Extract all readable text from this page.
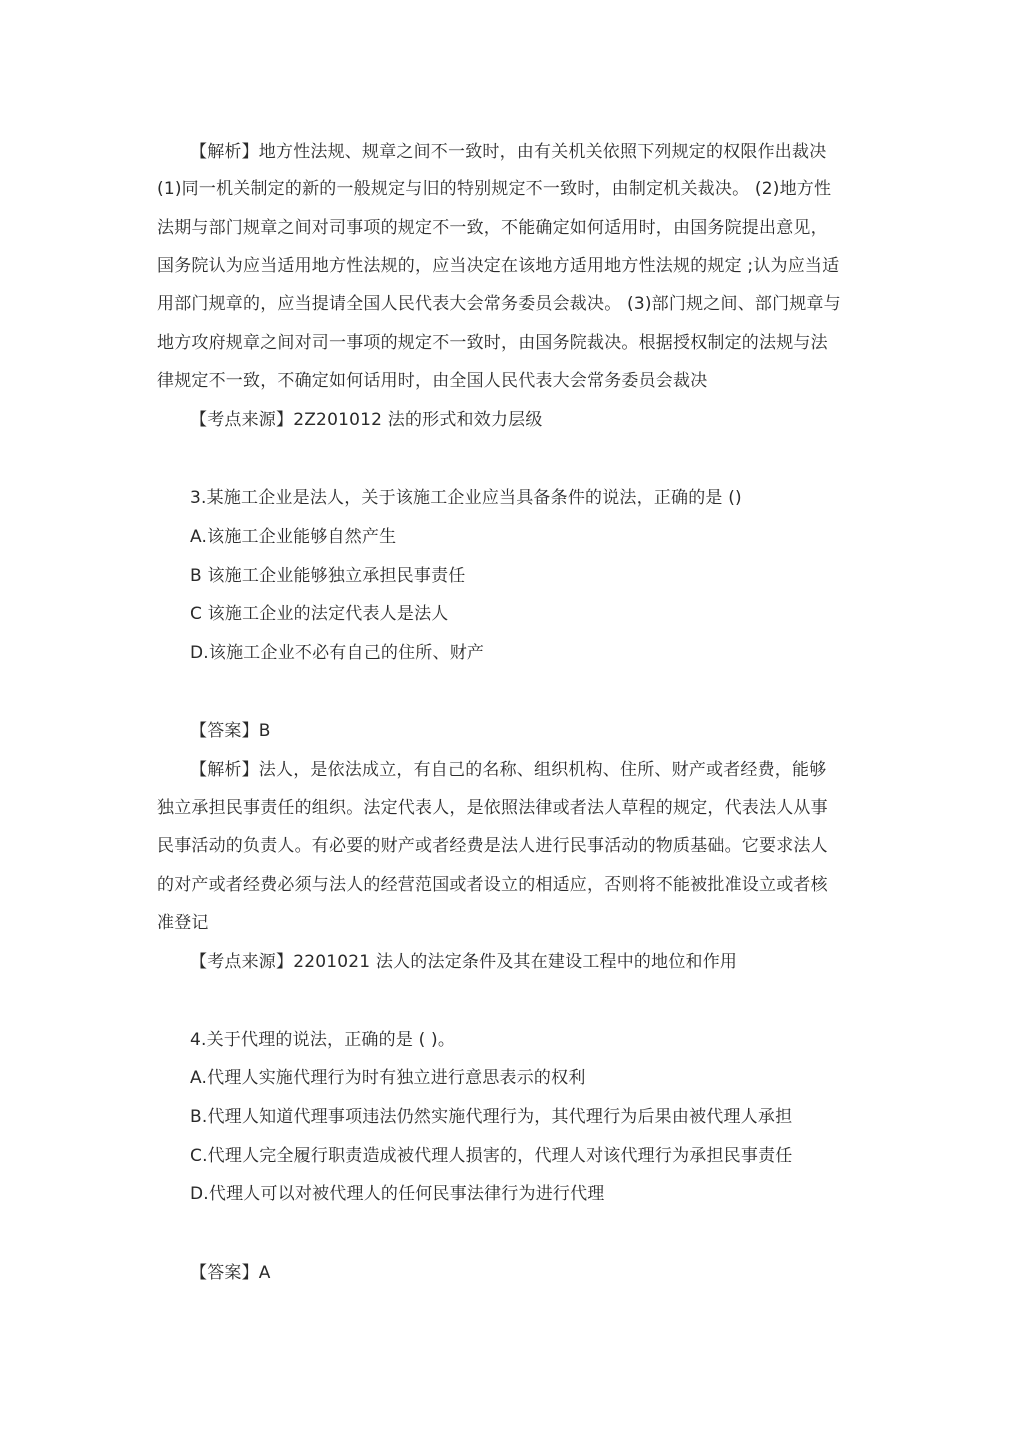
【解析】地方性法规、规章之间不一致时，由有关机关依照下列规定的权限作出裁决
(1)同一机关制定的新的一般规定与旧的特别规定不一致时，由制定机关裁决。 (2)地方性
法期与部门规章之间对司事项的规定不一致，不能确定如何适用时，由国务院提出意见，
国务院认为应当适用地方性法规的，应当决定在该地方适用地方性法规的规定 ;认为应当适
用部门规章的，应当提请全国人民代表大会常务委员会裁决。 (3)部门规之间、部门规章与
地方攻府规章之间对司一事项的规定不一致时，由国务院裁决。根据授权制定的法规与法
律规定不一致，不确定如何话用时，由全国人民代表大会常务委员会裁决
【考点来源】2Z201012 法的形式和效力层级
3.某施工企业是法人，关于该施工企业应当具备条件的说法，正确的是 ()
A.该施工企业能够自然产生
B 该施工企业能够独立承担民事责任
C 该施工企业的法定代表人是法人
D.该施工企业不必有自己的住所、财产
【答案】B
【解析】法人，是依法成立，有自己的名称、组织机构、住所、财产或者经费，能够
独立承担民事责任的组织。法定代表人，是依照法律或者法人草程的规定，代表法人从事
民事活动的负责人。有必要的财产或者经费是法人进行民事活动的物质基础。它要求法人
的对产或者经费必须与法人的经营范国或者设立的相适应，否则将不能被批准设立或者核
准登记
【考点来源】2201021 法人的法定条件及其在建设工程中的地位和作用
4.关于代理的说法，正确的是 ( )。
A.代理人实施代理行为时有独立进行意思表示的权利
B.代理人知道代理事项违法仍然实施代理行为，其代理行为后果由被代理人承担
C.代理人完全履行职责造成被代理人损害的，代理人对该代理行为承担民事责任
D.代理人可以对被代理人的任何民事法律行为进行代理
【答案】A
